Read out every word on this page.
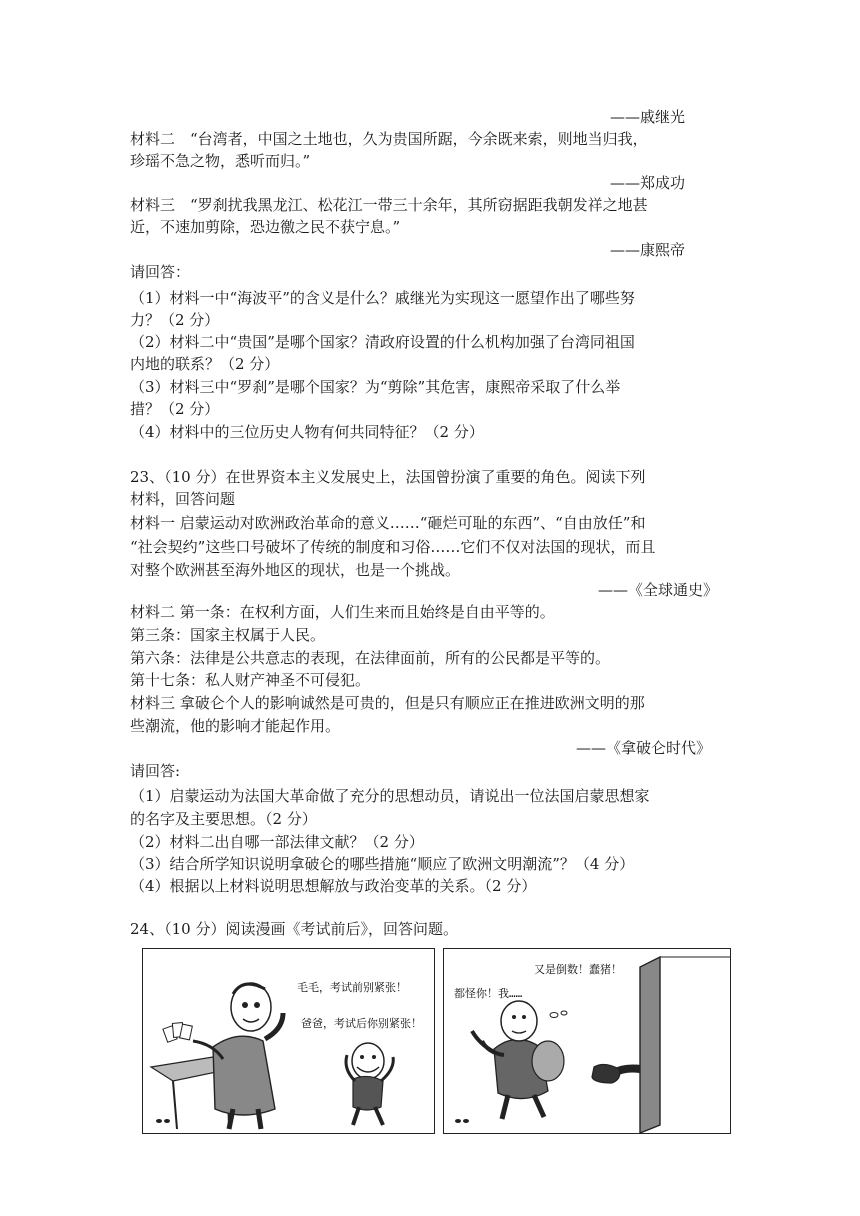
——戚继光
材料二　“台湾者，中国之土地也，久为贵国所踞，今余既来索，则地当归我，
珍瑶不急之物，悉听而归。”
——郑成功
材料三　“罗刹扰我黑龙江、松花江一带三十余年，其所窃据距我朝发祥之地甚
近，不速加剪除，恐边徼之民不获宁息。”
——康熙帝
请回答：
（1）材料一中“海波平”的含义是什么？戚继光为实现这一愿望作出了哪些努
力？（2 分）
（2）材料二中“贵国”是哪个国家？清政府设置的什么机构加强了台湾同祖国
内地的联系？（2 分）
（3）材料三中“罗刹”是哪个国家？为“剪除”其危害，康熙帝采取了什么举
措？（2 分）
（4）材料中的三位历史人物有何共同特征？（2 分）
23、（10 分）在世界资本主义发展史上，法国曾扮演了重要的角色。阅读下列
材料，回答问题
材料一 启蒙运动对欧洲政治革命的意义……“砸烂可耻的东西”、“自由放任”和
“社会契约”这些口号破坏了传统的制度和习俗……它们不仅对法国的现状，而且
对整个欧洲甚至海外地区的现状，也是一个挑战。
——《全球通史》
材料二 第一条：在权利方面，人们生来而且始终是自由平等的。
第三条：国家主权属于人民。
第六条：法律是公共意志的表现，在法律面前，所有的公民都是平等的。
第十七条：私人财产神圣不可侵犯。
材料三 拿破仑个人的影响诚然是可贵的，但是只有顺应正在推进欧洲文明的那
些潮流，他的影响才能起作用。
——《拿破仑时代》
请回答:
（1）启蒙运动为法国大革命做了充分的思想动员，请说出一位法国启蒙思想家
的名字及主要思想。（2 分）
（2）材料二出自哪一部法律文献？（2 分）
（3）结合所学知识说明拿破仑的哪些措施“顺应了欧洲文明潮流”？（4 分）
（4）根据以上材料说明思想解放与政治变革的关系。（2 分）
24、（10 分）阅读漫画《考试前后》，回答问题。
毛毛，考试前别紧张！
爸爸，考试后你别紧张！
又是倒数！蠢猪！
都怪你！我……
